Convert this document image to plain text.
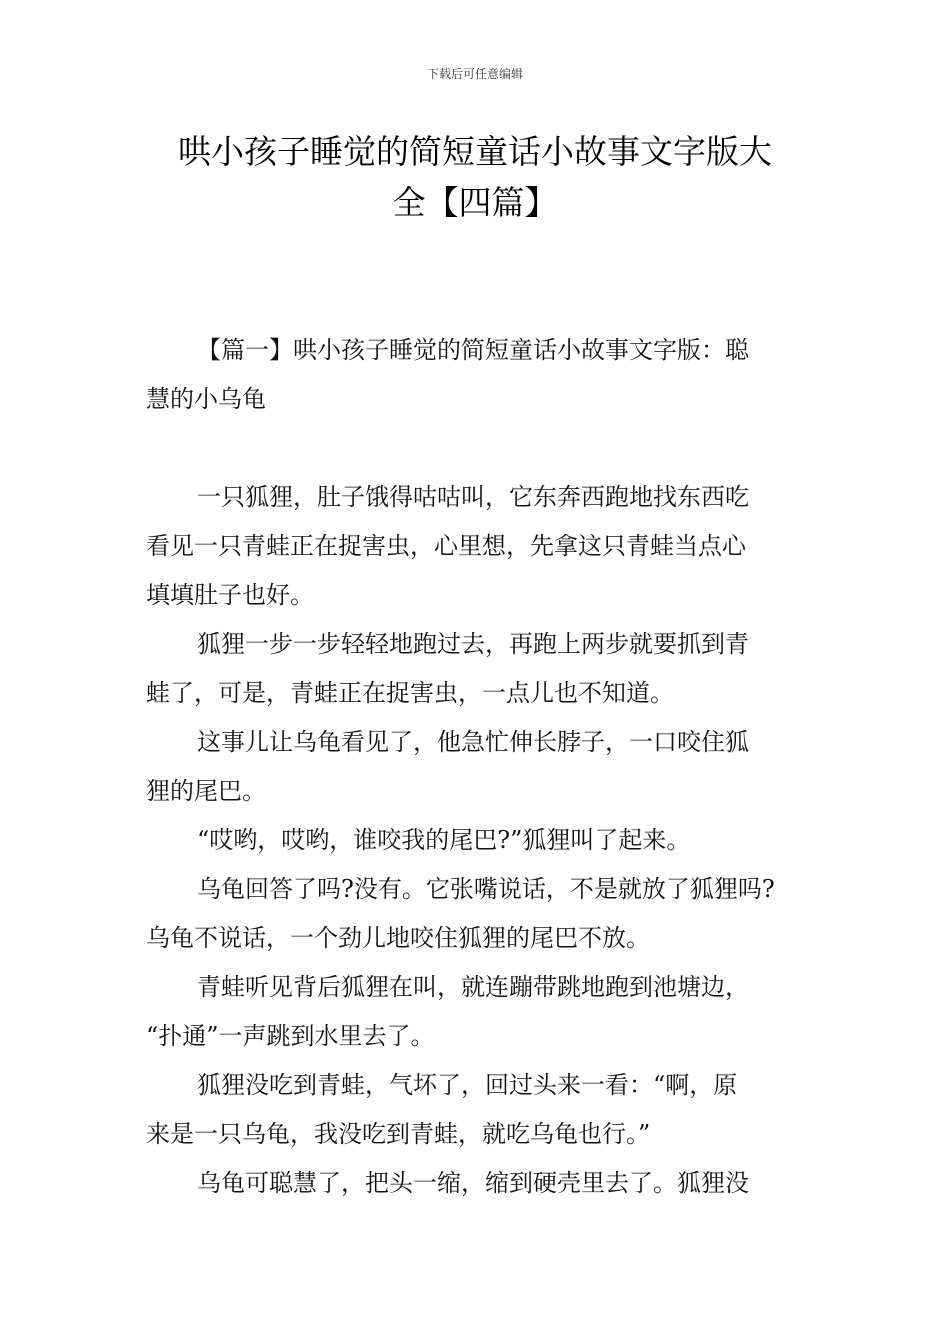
下载后可任意编辑
哄小孩子睡觉的简短童话小故事文字版大
全【四篇】
【篇一】哄小孩子睡觉的简短童话小故事文字版：聪
慧的小乌龟
一只狐狸，肚子饿得咕咕叫，它东奔西跑地找东西吃
看见一只青蛙正在捉害虫，心里想，先拿这只青蛙当点心
填填肚子也好。
狐狸一步一步轻轻地跑过去，再跑上两步就要抓到青
蛙了，可是，青蛙正在捉害虫，一点儿也不知道。
这事儿让乌龟看见了，他急忙伸长脖子，一口咬住狐
狸的尾巴。
“哎哟，哎哟，谁咬我的尾巴?”狐狸叫了起来。
乌龟回答了吗?没有。它张嘴说话，不是就放了狐狸吗?
乌龟不说话，一个劲儿地咬住狐狸的尾巴不放。
青蛙听见背后狐狸在叫，就连蹦带跳地跑到池塘边，
“扑通”一声跳到水里去了。
狐狸没吃到青蛙，气坏了，回过头来一看：“啊，原
来是一只乌龟，我没吃到青蛙，就吃乌龟也行。”
乌龟可聪慧了，把头一缩，缩到硬壳里去了。狐狸没
